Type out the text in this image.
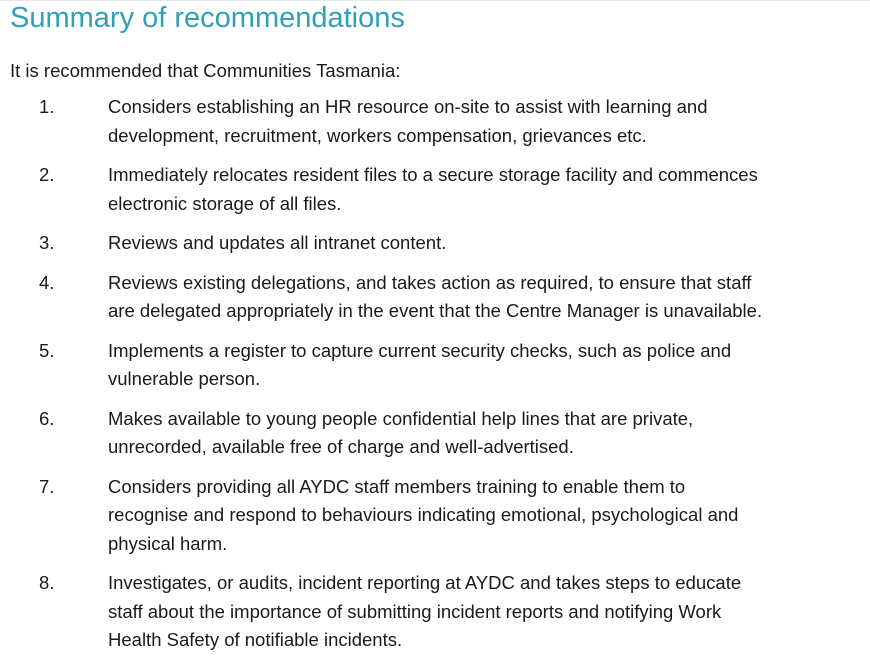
Summary of recommendations

It is recommended that Communities Tasmania:

1.	Considers establishing an HR resource on-site to assist with learning and
development, recruitment, workers compensation, grievances etc.
2.	Immediately relocates resident files to a secure storage facility and commences
electronic storage of all files.
3.	Reviews and updates all intranet content.
4.	Reviews existing delegations, and takes action as required, to ensure that staff
are delegated appropriately in the event that the Centre Manager is unavailable.
5.	Implements a register to capture current security checks, such as police and
vulnerable person.
6.	Makes available to young people confidential help lines that are private,
unrecorded, available free of charge and well-advertised.
7.	Considers providing all AYDC staff members training to enable them to
recognise and respond to behaviours indicating emotional, psychological and
physical harm.
8.	Investigates, or audits, incident reporting at AYDC and takes steps to educate
staff about the importance of submitting incident reports and notifying Work
Health Safety of notifiable incidents.
